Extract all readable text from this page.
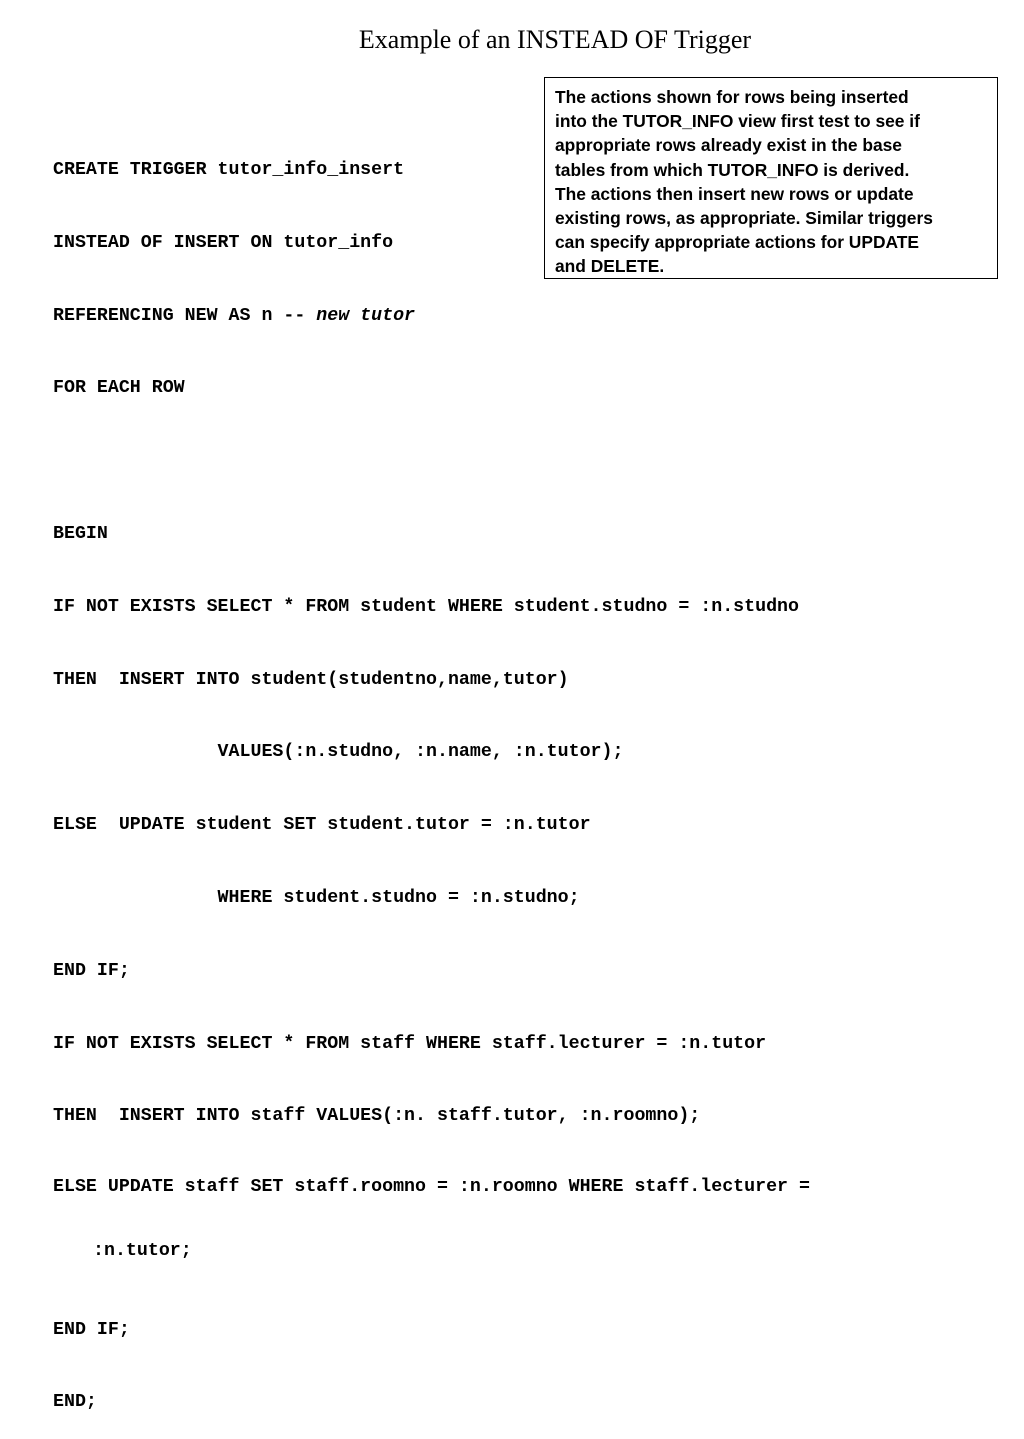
Example of an INSTEAD OF Trigger
The actions shown for rows being inserted
into the TUTOR_INFO view first test to see if
appropriate rows already exist in the base
tables from which TUTOR_INFO is derived.
The actions then insert new rows or update
existing rows, as appropriate. Similar triggers
can specify appropriate actions for UPDATE
and DELETE.

CREATE TRIGGER tutor_info_insert

INSTEAD OF INSERT ON tutor_info

REFERENCING NEW AS n -- new tutor

FOR EACH ROW

BEGIN

IF NOT EXISTS SELECT * FROM student WHERE student.studno = :n.studno

THEN  INSERT INTO student(studentno,name,tutor)

VALUES(:n.studno, :n.name, :n.tutor);

ELSE  UPDATE student SET student.tutor = :n.tutor

WHERE student.studno = :n.studno;

END IF;

IF NOT EXISTS SELECT * FROM staff WHERE staff.lecturer = :n.tutor

THEN  INSERT INTO staff VALUES(:n. staff.tutor, :n.roomno);

ELSE UPDATE staff SET staff.roomno = :n.roomno WHERE staff.lecturer =

:n.tutor;

END IF;

END;
